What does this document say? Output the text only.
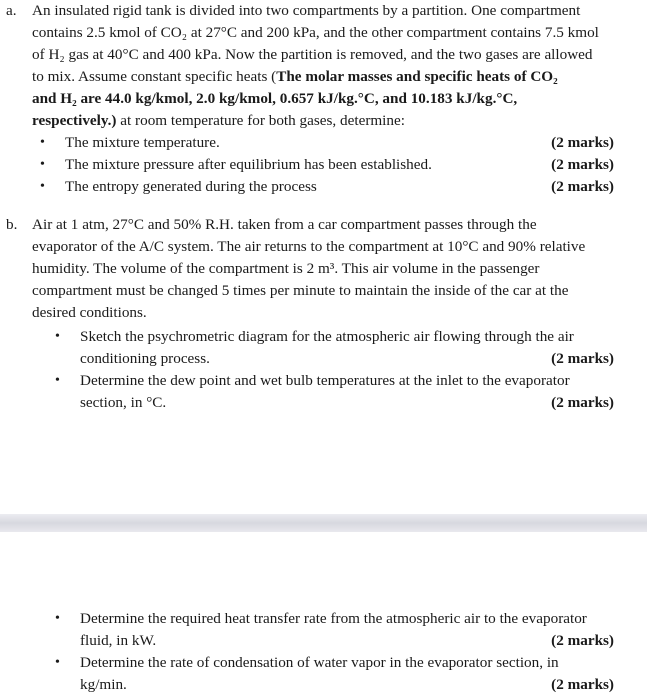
a. An insulated rigid tank is divided into two compartments by a partition. One compartment
contains 2.5 kmol of CO₂ at 27°C and 200 kPa, and the other compartment contains 7.5 kmol
of H₂ gas at 40°C and 400 kPa. Now the partition is removed, and the two gases are allowed
to mix. Assume constant specific heats (The molar masses and specific heats of CO₂
and H₂ are 44.0 kg/kmol, 2.0 kg/kmol, 0.657 kJ/kg.°C, and 10.183 kJ/kg.°C,
respectively.) at room temperature for both gases, determine:
• The mixture temperature.	(2 marks)
• The mixture pressure after equilibrium has been established.	(2 marks)
• The entropy generated during the process	(2 marks)
b. Air at 1 atm, 27°C and 50% R.H. taken from a car compartment passes through the
evaporator of the A/C system. The air returns to the compartment at 10°C and 90% relative
humidity. The volume of the compartment is 2 m³. This air volume in the passenger
compartment must be changed 5 times per minute to maintain the inside of the car at the
desired conditions.
• Sketch the psychrometric diagram for the atmospheric air flowing through the air
conditioning process.	(2 marks)
• Determine the dew point and wet bulb temperatures at the inlet to the evaporator
section, in °C.	(2 marks)
• Determine the required heat transfer rate from the atmospheric air to the evaporator
fluid, in kW.	(2 marks)
• Determine the rate of condensation of water vapor in the evaporator section, in
kg/min.	(2 marks)
